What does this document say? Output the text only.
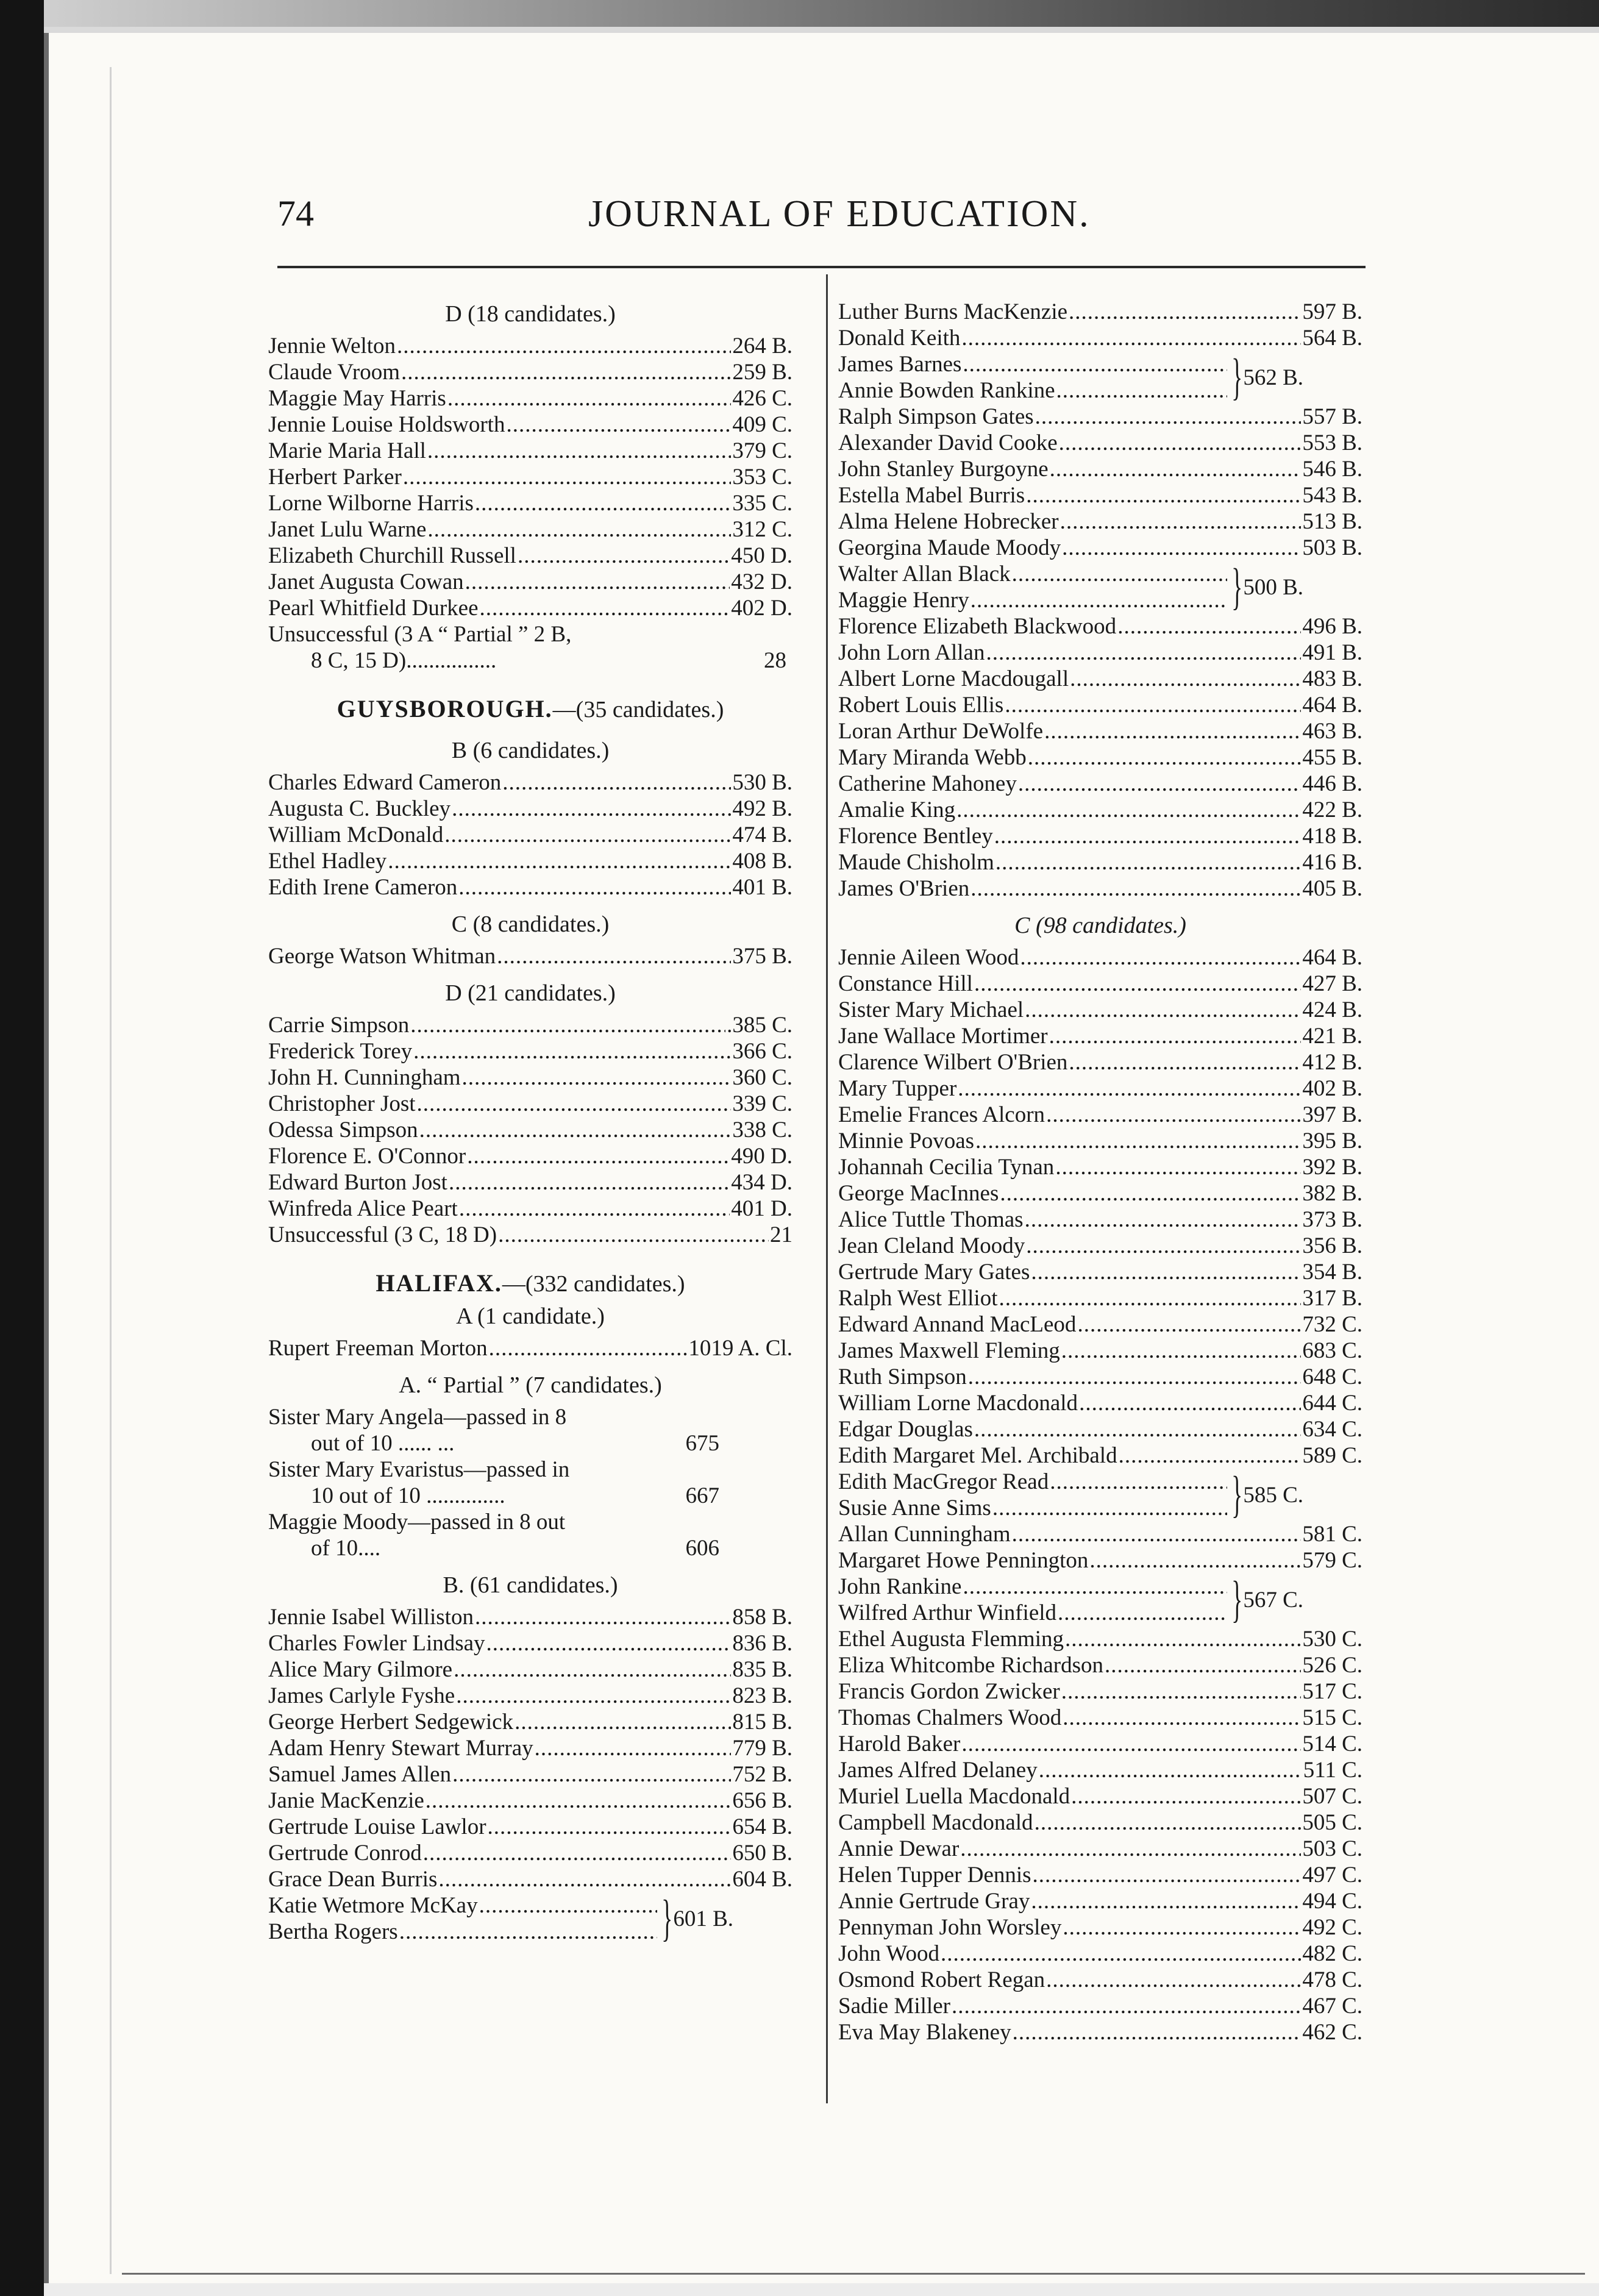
74	JOURNAL OF EDUCATION.
D (18 candidates.)
Jennie Welton .....	264 B.
Claude Vroom .....	259 B.
Maggie May Harris .....	426 C.
Jennie Louise Holdsworth .....	409 C.
Marie Maria Hall .....	379 C.
Herbert Parker .....	353 C.
Lorne Wilborne Harris .....	335 C.
Janet Lulu Warne .....	312 C.
Elizabeth Churchill Russell .....	450 D.
Janet Augusta Cowan .....	432 D.
Pearl Whitfield Durkee .....	402 D.
Unsuccessful (3 A “ Partial ” 2 B,
8 C, 15 D)................	28
GUYSBOROUGH.—(35 candidates.)
B (6 candidates.)
Charles Edward Cameron .....	530 B.
Augusta C. Buckley .....	492 B.
William McDonald .....	474 B.
Ethel Hadley .....	408 B.
Edith Irene Cameron .....	401 B.
C (8 candidates.)
George Watson Whitman .....	375 B.
D (21 candidates.)
Carrie Simpson .....	.385 C.
Frederick Torey .....	366 C.
John H. Cunningham .....	360 C.
Christopher Jost .....	339 C.
Odessa Simpson .....	338 C.
Florence E. O'Connor .....	490 D.
Edward Burton Jost .....	434 D.
Winfreda Alice Peart .....	401 D.
Unsuccessful (3 C, 18 D) .....	21
HALIFAX.—(332 candidates.)
A (1 candidate.)
Rupert Freeman Morton .....	1019 A. Cl.
A. “ Partial ” (7 candidates.)
Sister Mary Angela—passed in 8
out of 10 ...... ...	675
Sister Mary Evaristus—passed in
10 out of 10 ..............	667
Maggie Moody—passed in 8 out
of 10....	606
B. (61 candidates.)
Jennie Isabel Williston .....	858 B.
Charles Fowler Lindsay .....	836 B.
Alice Mary Gilmore .....	835 B.
James Carlyle Fyshe .....	823 B.
George Herbert Sedgewick .....	815 B.
Adam Henry Stewart Murray .....	779 B.
Samuel James Allen .....	752 B.
Janie MacKenzie .....	656 B.
Gertrude Louise Lawlor .....	654 B.
Gertrude Conrod .....	650 B.
Grace Dean Burris .....	604 B.
Katie Wetmore McKay
.....
Bertha Rogers .....	} 601 B.
Luther Burns MacKenzie .....	597 B.
Donald Keith .....	564 B.
James Barnes
.....
Annie Bowden Rankine .....	} 562 B.
Ralph Simpson Gates .....	557 B.
Alexander David Cooke .....	553 B.
John Stanley Burgoyne .....	546 B.
Estella Mabel Burris .....	543 B.
Alma Helene Hobrecker .....	513 B.
Georgina Maude Moody .....	503 B.
Walter Allan Black
.....
Maggie Henry .....	} 500 B.
Florence Elizabeth Blackwood .....	496 B.
John Lorn Allan .....	491 B.
Albert Lorne Macdougall .....	483 B.
Robert Louis Ellis .....	464 B.
Loran Arthur DeWolfe .....	463 B.
Mary Miranda Webb .....	455 B.
Catherine Mahoney .....	446 B.
Amalie King .....	422 B.
Florence Bentley .....	418 B.
Maude Chisholm .....	416 B.
James O'Brien .....	405 B.
C (98 candidates.)
Jennie Aileen Wood .....	464 B.
Constance Hill .....	427 B.
Sister Mary Michael .....	424 B.
Jane Wallace Mortimer .....	421 B.
Clarence Wilbert O'Brien .....	412 B.
Mary Tupper .....	402 B.
Emelie Frances Alcorn .....	397 B.
Minnie Povoas .....	395 B.
Johannah Cecilia Tynan .....	392 B.
George MacInnes .....	382 B.
Alice Tuttle Thomas .....	373 B.
Jean Cleland Moody .....	356 B.
Gertrude Mary Gates .....	354 B.
Ralph West Elliot .....	317 B.
Edward Annand MacLeod .....	732 C.
James Maxwell Fleming .....	683 C.
Ruth Simpson .....	648 C.
William Lorne Macdonald .....	644 C.
Edgar Douglas .....	634 C.
Edith Margaret Mel. Archibald .....	589 C.
Edith MacGregor Read
.....
Susie Anne Sims .....	} 585 C.
Allan Cunningham .....	581 C.
Margaret Howe Pennington .....	579 C.
John Rankine
.....
Wilfred Arthur Winfield .....	} 567 C.
Ethel Augusta Flemming .....	530 C.
Eliza Whitcombe Richardson .....	526 C.
Francis Gordon Zwicker .....	517 C.
Thomas Chalmers Wood .....	515 C.
Harold Baker .....	514 C.
James Alfred Delaney .....	511 C.
Muriel Luella Macdonald .....	507 C.
Campbell Macdonald .....	505 C.
Annie Dewar .....	503 C.
Helen Tupper Dennis .....	497 C.
Annie Gertrude Gray .....	494 C.
Pennyman John Worsley .....	492 C.
John Wood .....	482 C.
Osmond Robert Regan .....	478 C.
Sadie Miller .....	467 C.
Eva May Blakeney .....	462 C.
